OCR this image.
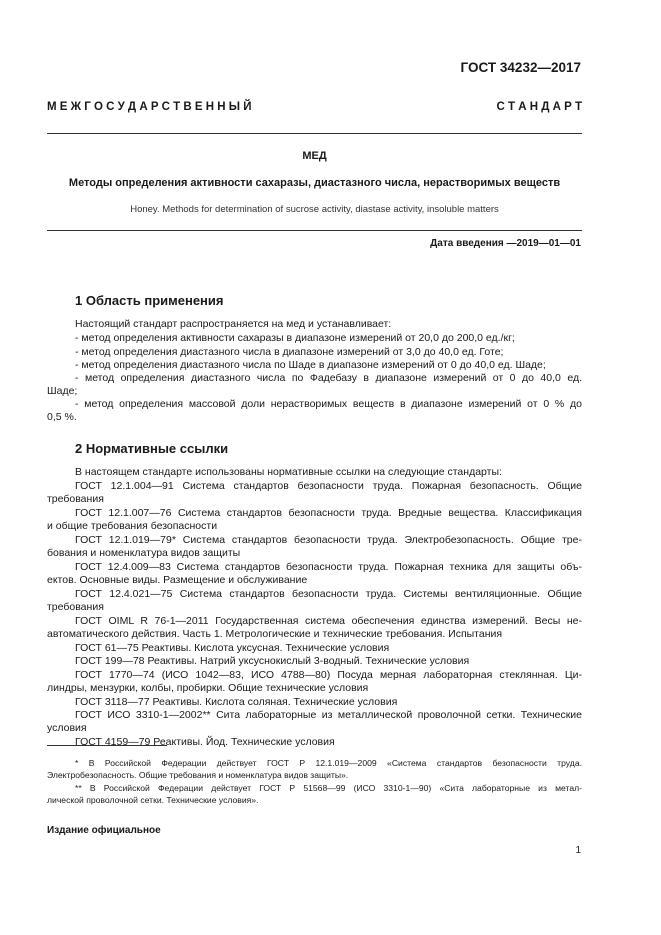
ГОСТ 34232—2017
М Е Ж Г О С У Д А Р С Т В Е Н Н Ы Й	С Т А Н Д А Р Т
МЕД
Методы определения активности сахаразы, диастазного числа, нерастворимых веществ
Honey. Methods for determination of sucrose activity, diastase activity, insoluble matters
Дата введения —2019—01—01
1 Область применения
Настоящий стандарт распространяется на мед и устанавливает:
- метод определения активности сахаразы в диапазоне измерений от 20,0 до 200,0 ед./кг;
- метод определения диастазного числа в диапазоне измерений от 3,0 до 40,0 ед. Готе;
- метод определения диастазного числа по Шаде в диапазоне измерений от 0 до 40,0 ед. Шаде;
- метод определения диастазного числа по Фадебазу в диапазоне измерений от 0 до 40,0 ед.
Шаде;
- метод определения массовой доли нерастворимых веществ в диапазоне измерений от 0 % до
0,5 %.
2 Нормативные ссылки
В настоящем стандарте использованы нормативные ссылки на следующие стандарты:
ГОСТ 12.1.004—91 Система стандартов безопасности труда. Пожарная безопасность. Общие
требования
ГОСТ 12.1.007—76 Система стандартов безопасности труда. Вредные вещества. Классификация
и общие требования безопасности
ГОСТ 12.1.019—79* Система стандартов безопасности труда. Электробезопасность. Общие тре-
бования и номенклатура видов защиты
ГОСТ 12.4.009—83 Система стандартов безопасности труда. Пожарная техника для защиты объ-
ектов. Основные виды. Размещение и обслуживание
ГОСТ 12.4.021—75 Система стандартов безопасности труда. Системы вентиляционные. Общие
требования
ГОСТ OIML R 76-1—2011 Государственная система обеспечения единства измерений. Весы не-
автоматического действия. Часть 1. Метрологические и технические требования. Испытания
ГОСТ 61—75 Реактивы. Кислота уксусная. Технические условия
ГОСТ 199—78 Реактивы. Натрий уксуснокислый 3-водный. Технические условия
ГОСТ 1770—74 (ИСО 1042—83, ИСО 4788—80) Посуда мерная лабораторная стеклянная. Ци-
линдры, мензурки, колбы, пробирки. Общие технические условия
ГОСТ 3118—77 Реактивы. Кислота соляная. Технические условия
ГОСТ ИСО 3310-1—2002** Сита лабораторные из металлической проволочной сетки. Технические
условия
ГОСТ 4159—79 Реактивы. Йод. Технические условия
* В Российской Федерации действует ГОСТ Р 12.1.019—2009 «Система стандартов безопасности труда.
Электробезопасность. Общие требования и номенклатура видов защиты».
** В Российской Федерации действует ГОСТ Р 51568—99 (ИСО 3310-1—90) «Сита лабораторные из метал-
лической проволочной сетки. Технические условия».
Издание официальное
1
